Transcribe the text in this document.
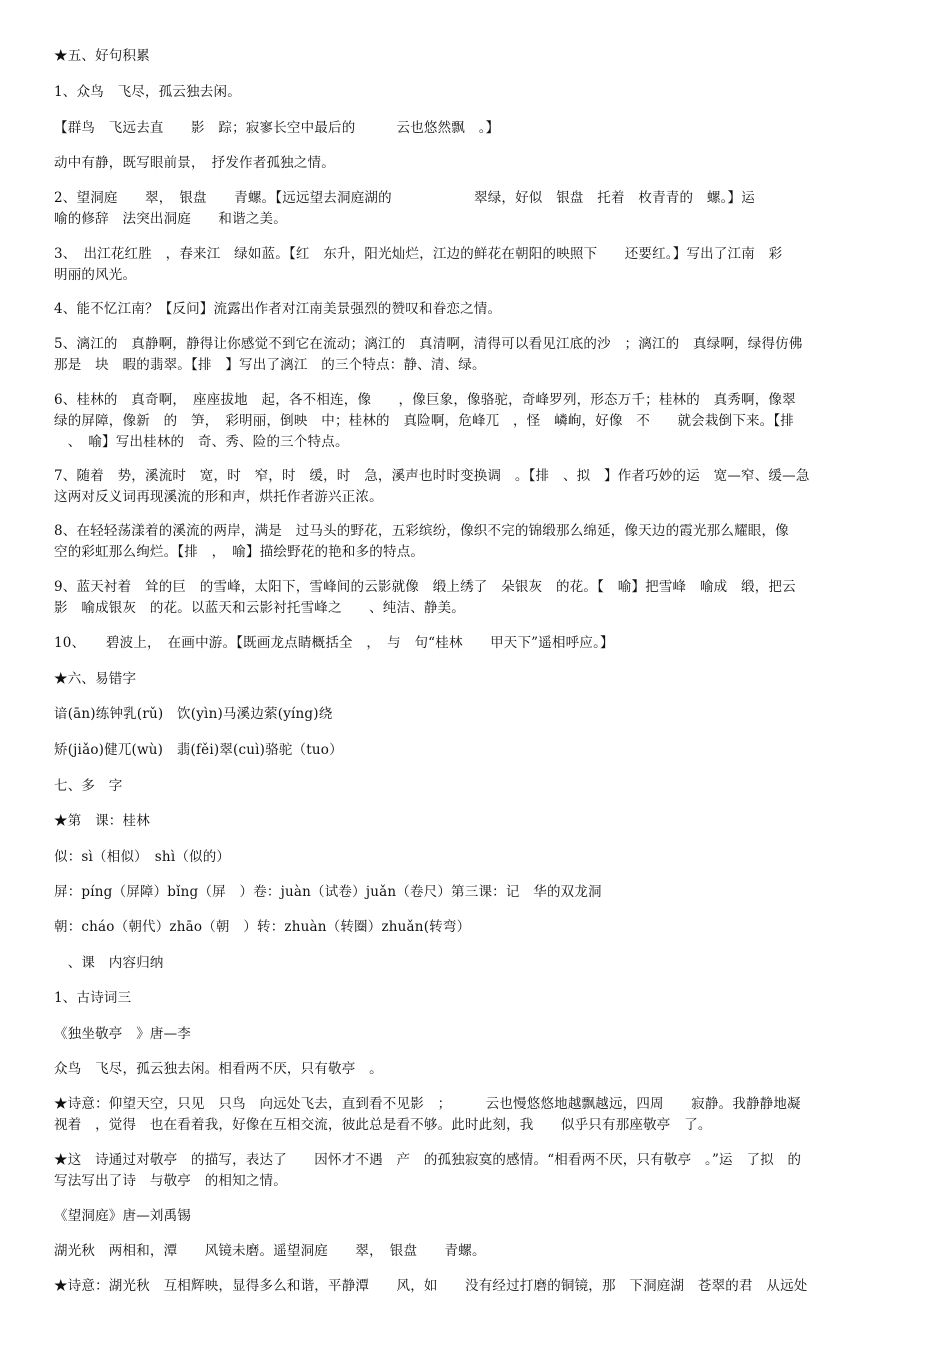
★五、好句积累
1、众鸟　飞尽，孤云独去闲。
【群鸟　飞远去直　　影　踪；寂寥长空中最后的　　　云也悠然飘　。】
动中有静，既写眼前景，　抒发作者孤独之情。
2、望洞庭　　翠，　银盘　　青螺。【远远望去洞庭湖的　　　　　　翠绿，好似　银盘　托着　枚青青的　螺。】运
喻的修辞　法突出洞庭　　和谐之美。
3、　出江花红胜　，春来江　绿如蓝。【红　东升，阳光灿烂，江边的鲜花在朝阳的映照下　　还要红。】写出了江南　彩
明丽的风光。
4、能不忆江南？【反问】流露出作者对江南美景强烈的赞叹和眷恋之情。
5、漓江的　真静啊，静得让你感觉不到它在流动；漓江的　真清啊，清得可以看见江底的沙　；漓江的　真绿啊，绿得仿佛
那是　块　暇的翡翠。【排　】写出了漓江　的三个特点：静、清、绿。
6、桂林的　真奇啊，　座座拔地　起，各不相连，像　　，像巨象，像骆驼，奇峰罗列，形态万千；桂林的　真秀啊，像翠
绿的屏障，像新　的　笋，　彩明丽，倒映　中；桂林的　真险啊，危峰兀　，怪　嶙峋，好像　不　　就会栽倒下来。【排
　、　喻】写出桂林的　奇、秀、险的三个特点。
7、随着　势，溪流时　宽，时　窄，时　缓，时　急，溪声也时时变换调　。【排　、拟　】作者巧妙的运　宽—窄、缓—急
这两对反义词再现溪流的形和声，烘托作者游兴正浓。
8、在轻轻荡漾着的溪流的两岸，满是　过马头的野花，五彩缤纷，像织不完的锦缎那么绵延，像天边的霞光那么耀眼，像
空的彩虹那么绚烂。【排　，　喻】描绘野花的艳和多的特点。
9、蓝天衬着　耸的巨　的雪峰，太阳下，雪峰间的云影就像　缎上绣了　朵银灰　的花。【　喻】把雪峰　喻成　缎，把云
影　喻成银灰　的花。以蓝天和云影衬托雪峰之　　、纯洁、静美。
10、　　碧波上，　在画中游。【既画龙点睛概括全　，　与　句“桂林　　甲天下”遥相呼应。】
★六、易错字
谙(ān)练钟乳(rǔ)　饮(yìn)马溪边萦(yíng)绕
矫(jiǎo)健兀(wù)　翡(fěi)翠(cuì)骆驼（tuo）
七、多　字
★第　课：桂林
似：sì（相似）　shì（似的）
屏：píng（屏障）bǐng（屏　）卷：juàn（试卷）juǎn（卷尺）第三课：记　华的双龙洞
朝：cháo（朝代）zhāo（朝　）转：zhuàn（转圈）zhuǎn(转弯）
　、课　内容归纳
1、古诗词三
《独坐敬亭　》唐—李
众鸟　飞尽，孤云独去闲。相看两不厌，只有敬亭　。
★诗意：仰望天空，只见　只鸟　向远处飞去，直到看不见影　；　　　云也慢悠悠地越飘越远，四周　　寂静。我静静地凝
视着　，觉得　也在看着我，好像在互相交流，彼此总是看不够。此时此刻，我　　似乎只有那座敬亭　了。
★这　诗通过对敬亭　的描写，表达了　　因怀才不遇　产　的孤独寂寞的感情。“相看两不厌，只有敬亭　。”运　了拟　的
写法写出了诗　与敬亭　的相知之情。
《望洞庭》唐—刘禹锡
湖光秋　两相和，潭　　风镜未磨。遥望洞庭　　翠，　银盘　　青螺。
★诗意：湖光秋　互相辉映，显得多么和谐，平静潭　　风，如　　没有经过打磨的铜镜，那　下洞庭湖　苍翠的君　从远处
